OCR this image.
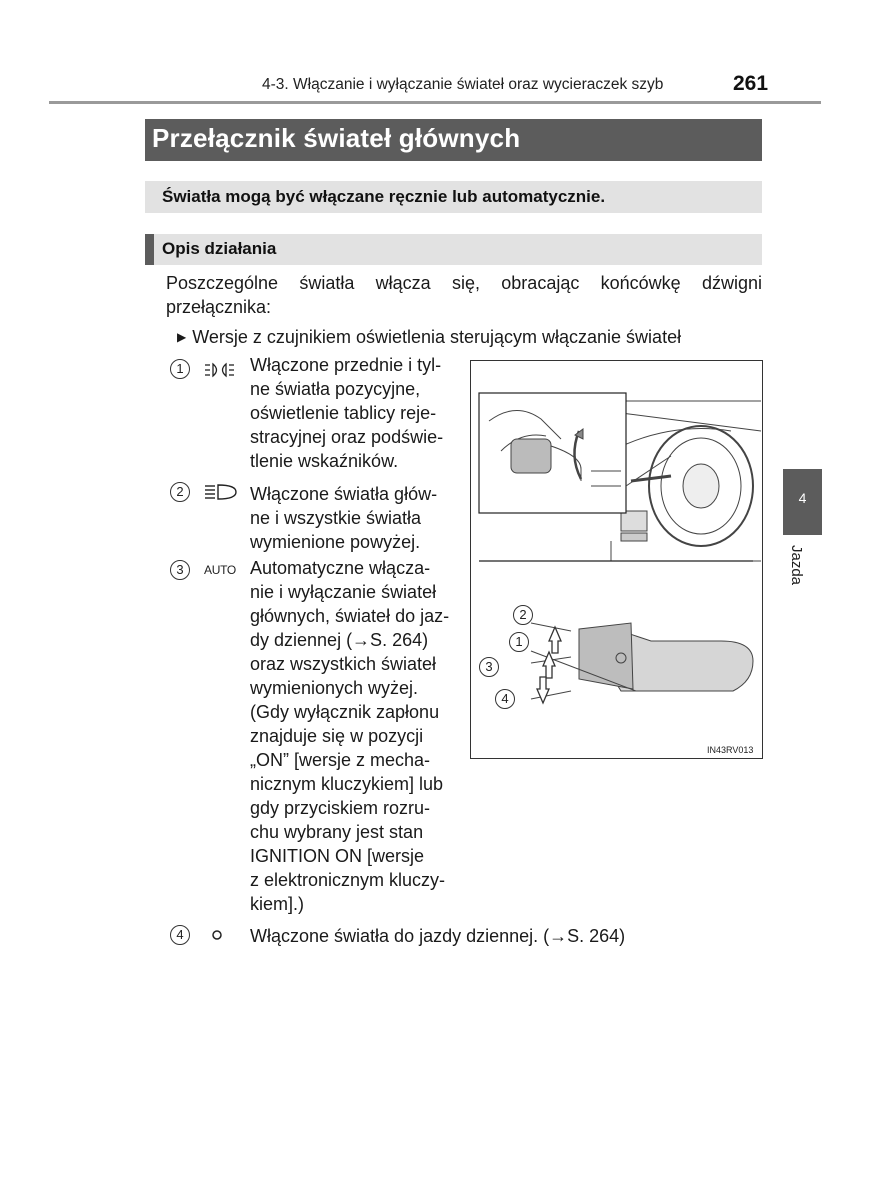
4-3. Włączanie i wyłączanie świateł oraz wycieraczek szyb	261
Przełącznik świateł głównych
Światła mogą być włączane ręcznie lub automatycznie.
Opis działania
Poszczególne światła włącza się, obracając końcówkę dźwigni przełącznika:
▶ Wersje z czujnikiem oświetlenia sterującym włączanie świateł
1	Włączone przednie i tyl-
ne światła pozycyjne,
oświetlenie tablicy reje-
stracyjnej oraz podświe-
tlenie wskaźników.
2	Włączone światła głów-
ne i wszystkie światła
wymienione powyżej.
3	AUTO Automatyczne włącza-
nie i wyłączanie świateł
głównych, świateł do jaz-
dy dziennej (→S. 264)
oraz wszystkich świateł
wymienionych wyżej.
(Gdy wyłącznik zapłonu
znajduje się w pozycji
„ON” [wersje z mecha-
nicznym kluczykiem] lub
gdy przyciskiem rozru-
chu wybrany jest stan
IGNITION ON [wersje
z elektronicznym kluczy-
kiem].)
4	Włączone światła do jazdy dziennej. (→S. 264)
IN43RV013
2
1
3
4
4
Jazda
